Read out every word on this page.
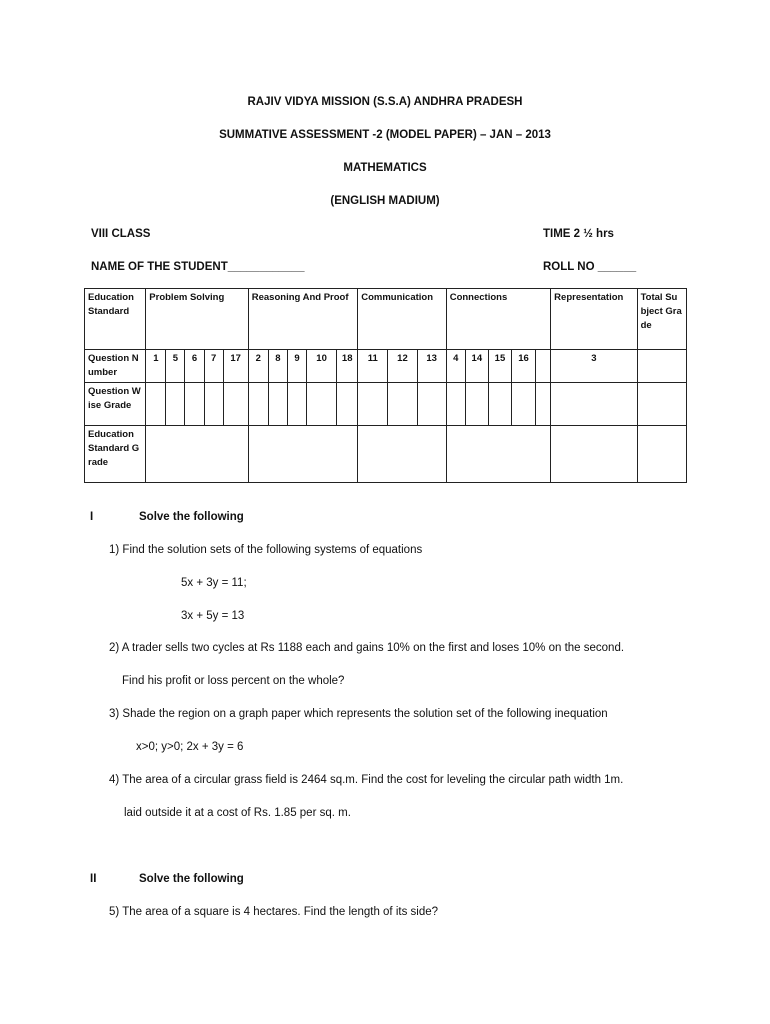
RAJIV VIDYA MISSION (S.S.A) ANDHRA PRADESH
SUMMATIVE ASSESSMENT -2 (MODEL PAPER) – JAN – 2013
MATHEMATICS
(ENGLISH MADIUM)
VIII CLASS	TIME 2 ½ hrs
NAME OF THE STUDENT____________	ROLL NO ______
Education Standard	Problem Solving					Reasoning And Proof					Communication			Connections					Representation	Total Subject Grade
Question Number	1	5	6	7	17	2	8	9	10	18	11	12	13	4	14	15	16		3	
Question Wise Grade																				
Education Standard Grade																				
I	Solve the following
1) Find the solution sets of the following systems of equations
5x + 3y = 11;
3x + 5y = 13
2) A trader sells two cycles at Rs 1188 each and gains 10% on the first and loses 10% on the second.
Find his profit or loss percent on the whole?
3) Shade the region on a graph paper which represents the solution set of the following inequation
x>0; y>0; 2x + 3y = 6
4) The area of a circular grass field is 2464 sq.m. Find the cost for leveling the circular path width 1m.
laid outside it at a cost of Rs. 1.85 per sq. m.
II	Solve the following
5) The area of a square is 4 hectares. Find the length of its side?
